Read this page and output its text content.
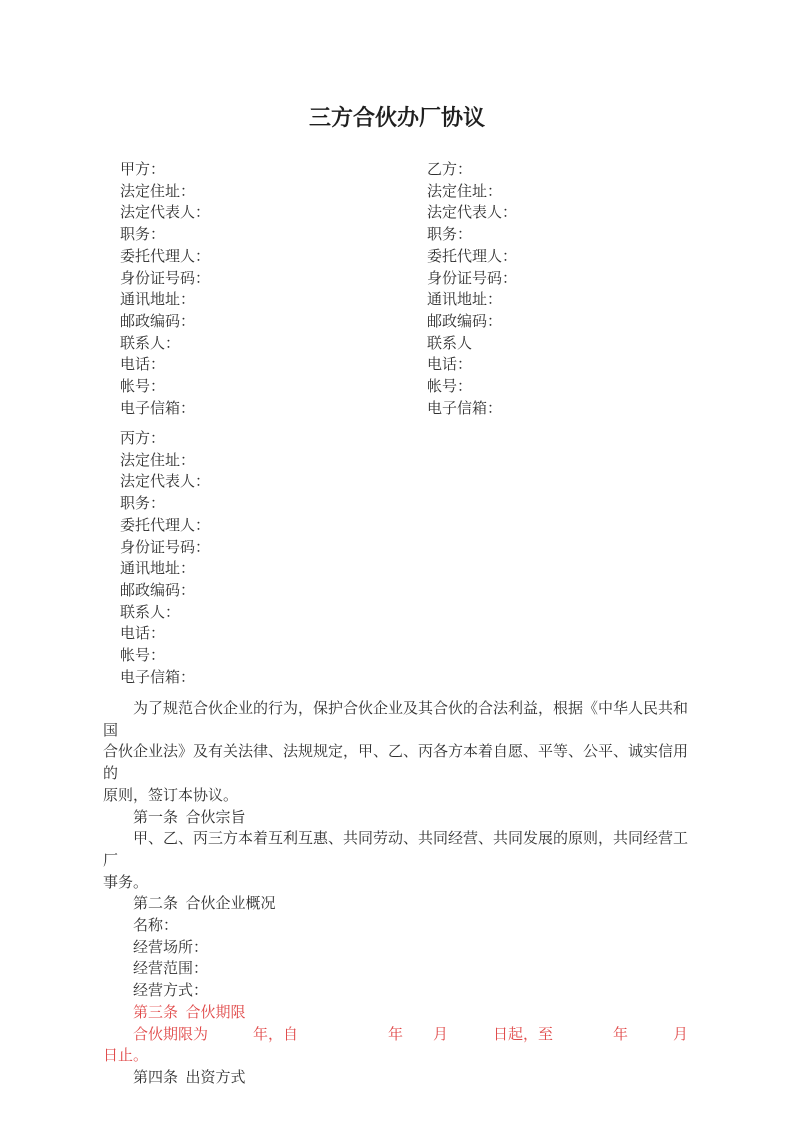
三方合伙办厂协议
甲方：	乙方：
法定住址：	法定住址：
法定代表人：	法定代表人：
职务：	职务：
委托代理人：	委托代理人：
身份证号码：	身份证号码：
通讯地址：	通讯地址：
邮政编码：	邮政编码：
联系人：	联系人
电话：	电话：
帐号：	帐号：
电子信箱：	电子信箱：
丙方：
法定住址：
法定代表人：
职务：
委托代理人：
身份证号码：
通讯地址：
邮政编码：
联系人：
电话：
帐号：
电子信箱：
为了规范合伙企业的行为，保护合伙企业及其合伙的合法利益，根据《中华人民共和国
合伙企业法》及有关法律、法规规定，甲、乙、丙各方本着自愿、平等、公平、诚实信用的
原则，签订本协议。
第一条  合伙宗旨
甲、乙、丙三方本着互利互惠、共同劳动、共同经营、共同发展的原则，共同经营工厂
事务。
第二条  合伙企业概况
名称：
经营场所：
经营范围：
经营方式：
第三条  合伙期限
合伙期限为　　　年，自　　　　　　年　　月　　　日起，至　　　　年　　　月
日止。
第四条  出资方式
